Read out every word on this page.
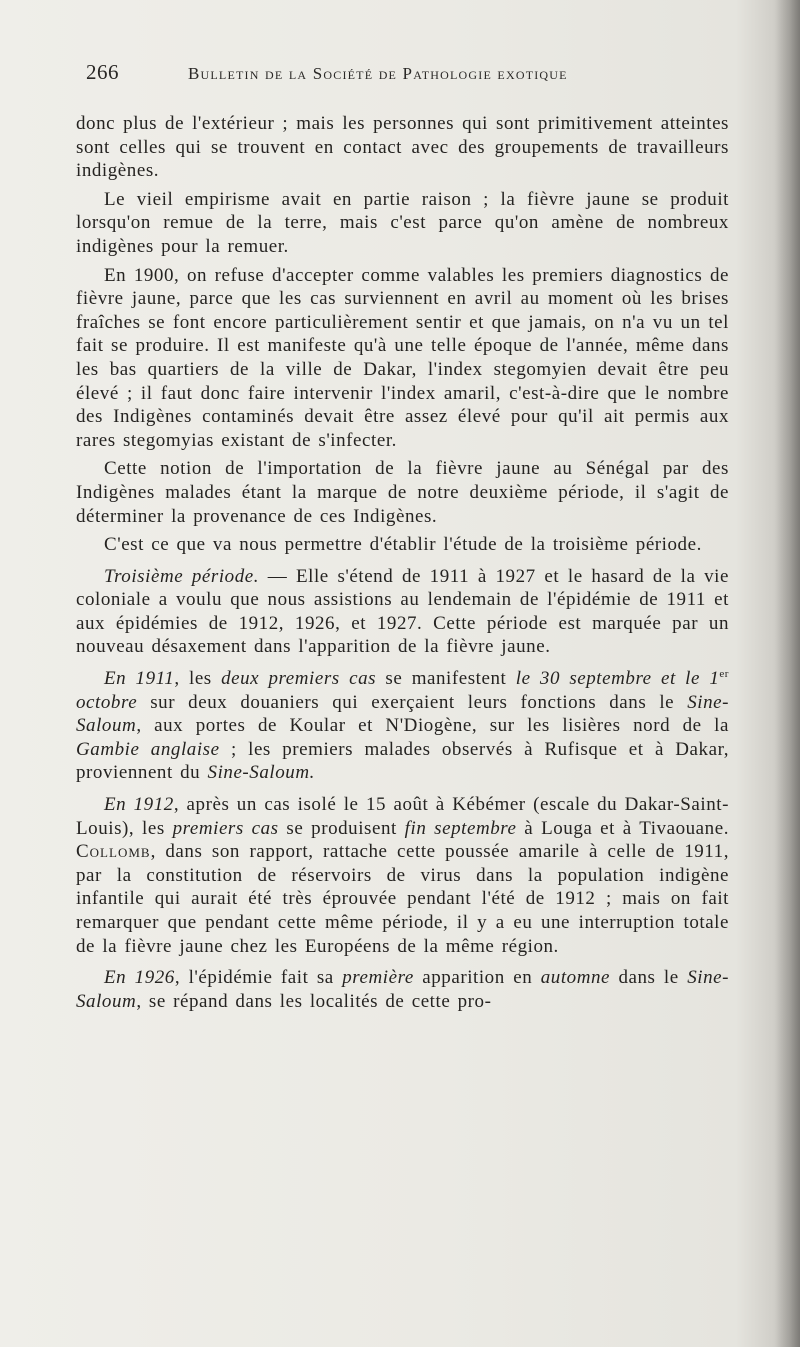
266	Bulletin de la Société de Pathologie exotique

donc plus de l'extérieur ; mais les personnes qui sont primitivement atteintes sont celles qui se trouvent en contact avec des groupements de travailleurs indigènes.

Le vieil empirisme avait en partie raison ; la fièvre jaune se produit lorsqu'on remue de la terre, mais c'est parce qu'on amène de nombreux indigènes pour la remuer.

En 1900, on refuse d'accepter comme valables les premiers diagnostics de fièvre jaune, parce que les cas surviennent en avril au moment où les brises fraîches se font encore particulièrement sentir et que jamais, on n'a vu un tel fait se produire. Il est manifeste qu'à une telle époque de l'année, même dans les bas quartiers de la ville de Dakar, l'index stegomyien devait être peu élevé ; il faut donc faire intervenir l'index amaril, c'est-à-dire que le nombre des Indigènes contaminés devait être assez élevé pour qu'il ait permis aux rares stegomyias existant de s'infecter.

Cette notion de l'importation de la fièvre jaune au Sénégal par des Indigènes malades étant la marque de notre deuxième période, il s'agit de déterminer la provenance de ces Indigènes.

C'est ce que va nous permettre d'établir l'étude de la troisième période.

Troisième période. — Elle s'étend de 1911 à 1927 et le hasard de la vie coloniale a voulu que nous assistions au lendemain de l'épidémie de 1911 et aux épidémies de 1912, 1926, et 1927. Cette période est marquée par un nouveau désaxement dans l'apparition de la fièvre jaune.

En 1911, les deux premiers cas se manifestent le 30 septembre et le 1er octobre sur deux douaniers qui exerçaient leurs fonctions dans le Sine-Saloum, aux portes de Koular et N'Diogène, sur les lisières nord de la Gambie anglaise ; les premiers malades observés à Rufisque et à Dakar, proviennent du Sine-Saloum.

En 1912, après un cas isolé le 15 août à Kébémer (escale du Dakar-Saint-Louis), les premiers cas se produisent fin septembre à Louga et à Tivaouane. Collomb, dans son rapport, rattache cette poussée amarile à celle de 1911, par la constitution de réservoirs de virus dans la population indigène infantile qui aurait été très éprouvée pendant l'été de 1912 ; mais on fait remarquer que pendant cette même période, il y a eu une interruption totale de la fièvre jaune chez les Européens de la même région.

En 1926, l'épidémie fait sa première apparition en automne dans le Sine-Saloum, se répand dans les localités de cette pro-
